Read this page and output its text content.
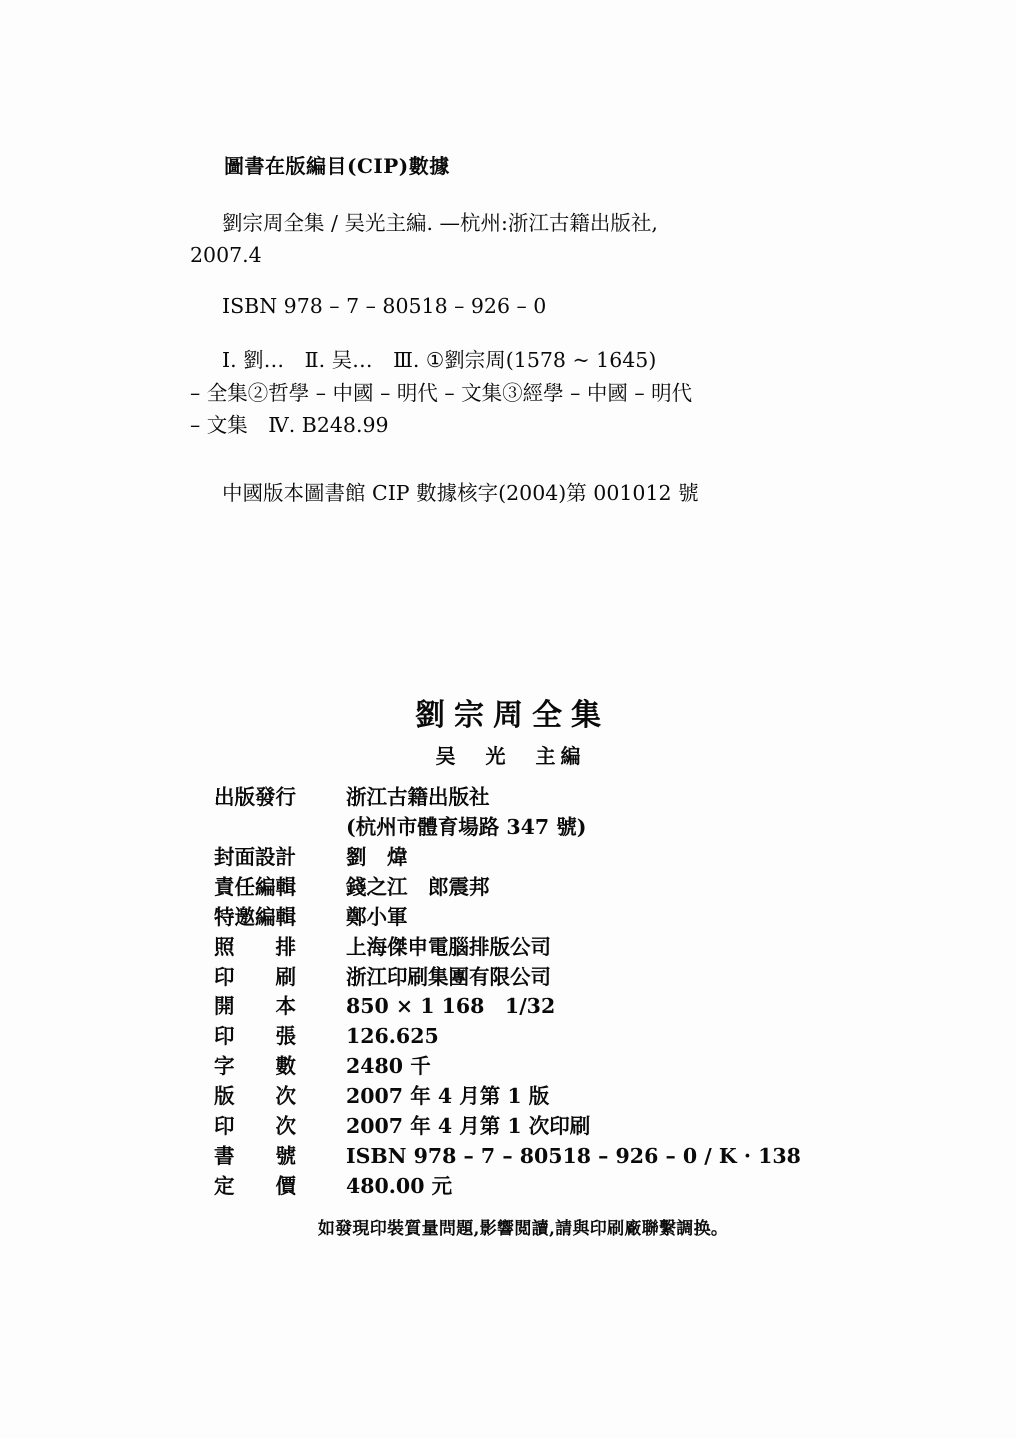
圖書在版編目(CIP)數據
劉宗周全集 / 吴光主編. —杭州:浙江古籍出版社,
2007.4
ISBN 978 – 7 – 80518 – 926 – 0
Ⅰ. 劉…　Ⅱ. 吴…　Ⅲ. ①劉宗周(1578 ~ 1645)
– 全集②哲學 – 中國 – 明代 – 文集③經學 – 中國 – 明代
– 文集　Ⅳ. B248.99
中國版本圖書館 CIP 數據核字(2004)第 001012 號
劉宗周全集
吴　光　主編
出版發行	浙江古籍出版社
(杭州市體育場路 347 號)
封面設計	劉　煒
責任編輯	錢之江　郎震邦
特邀編輯	鄭小軍
照　　排	上海傑申電腦排版公司
印　　刷	浙江印刷集團有限公司
開　　本	850 × 1 168　1/32
印　　張	126.625
字　　數	2480 千
版　　次	2007 年 4 月第 1 版
印　　次	2007 年 4 月第 1 次印刷
書　　號	ISBN 978 – 7 – 80518 – 926 – 0 ∕ K · 138
定　　價	480.00 元
如發現印裝質量問題,影響閲讀,請與印刷廠聯繫調换。
